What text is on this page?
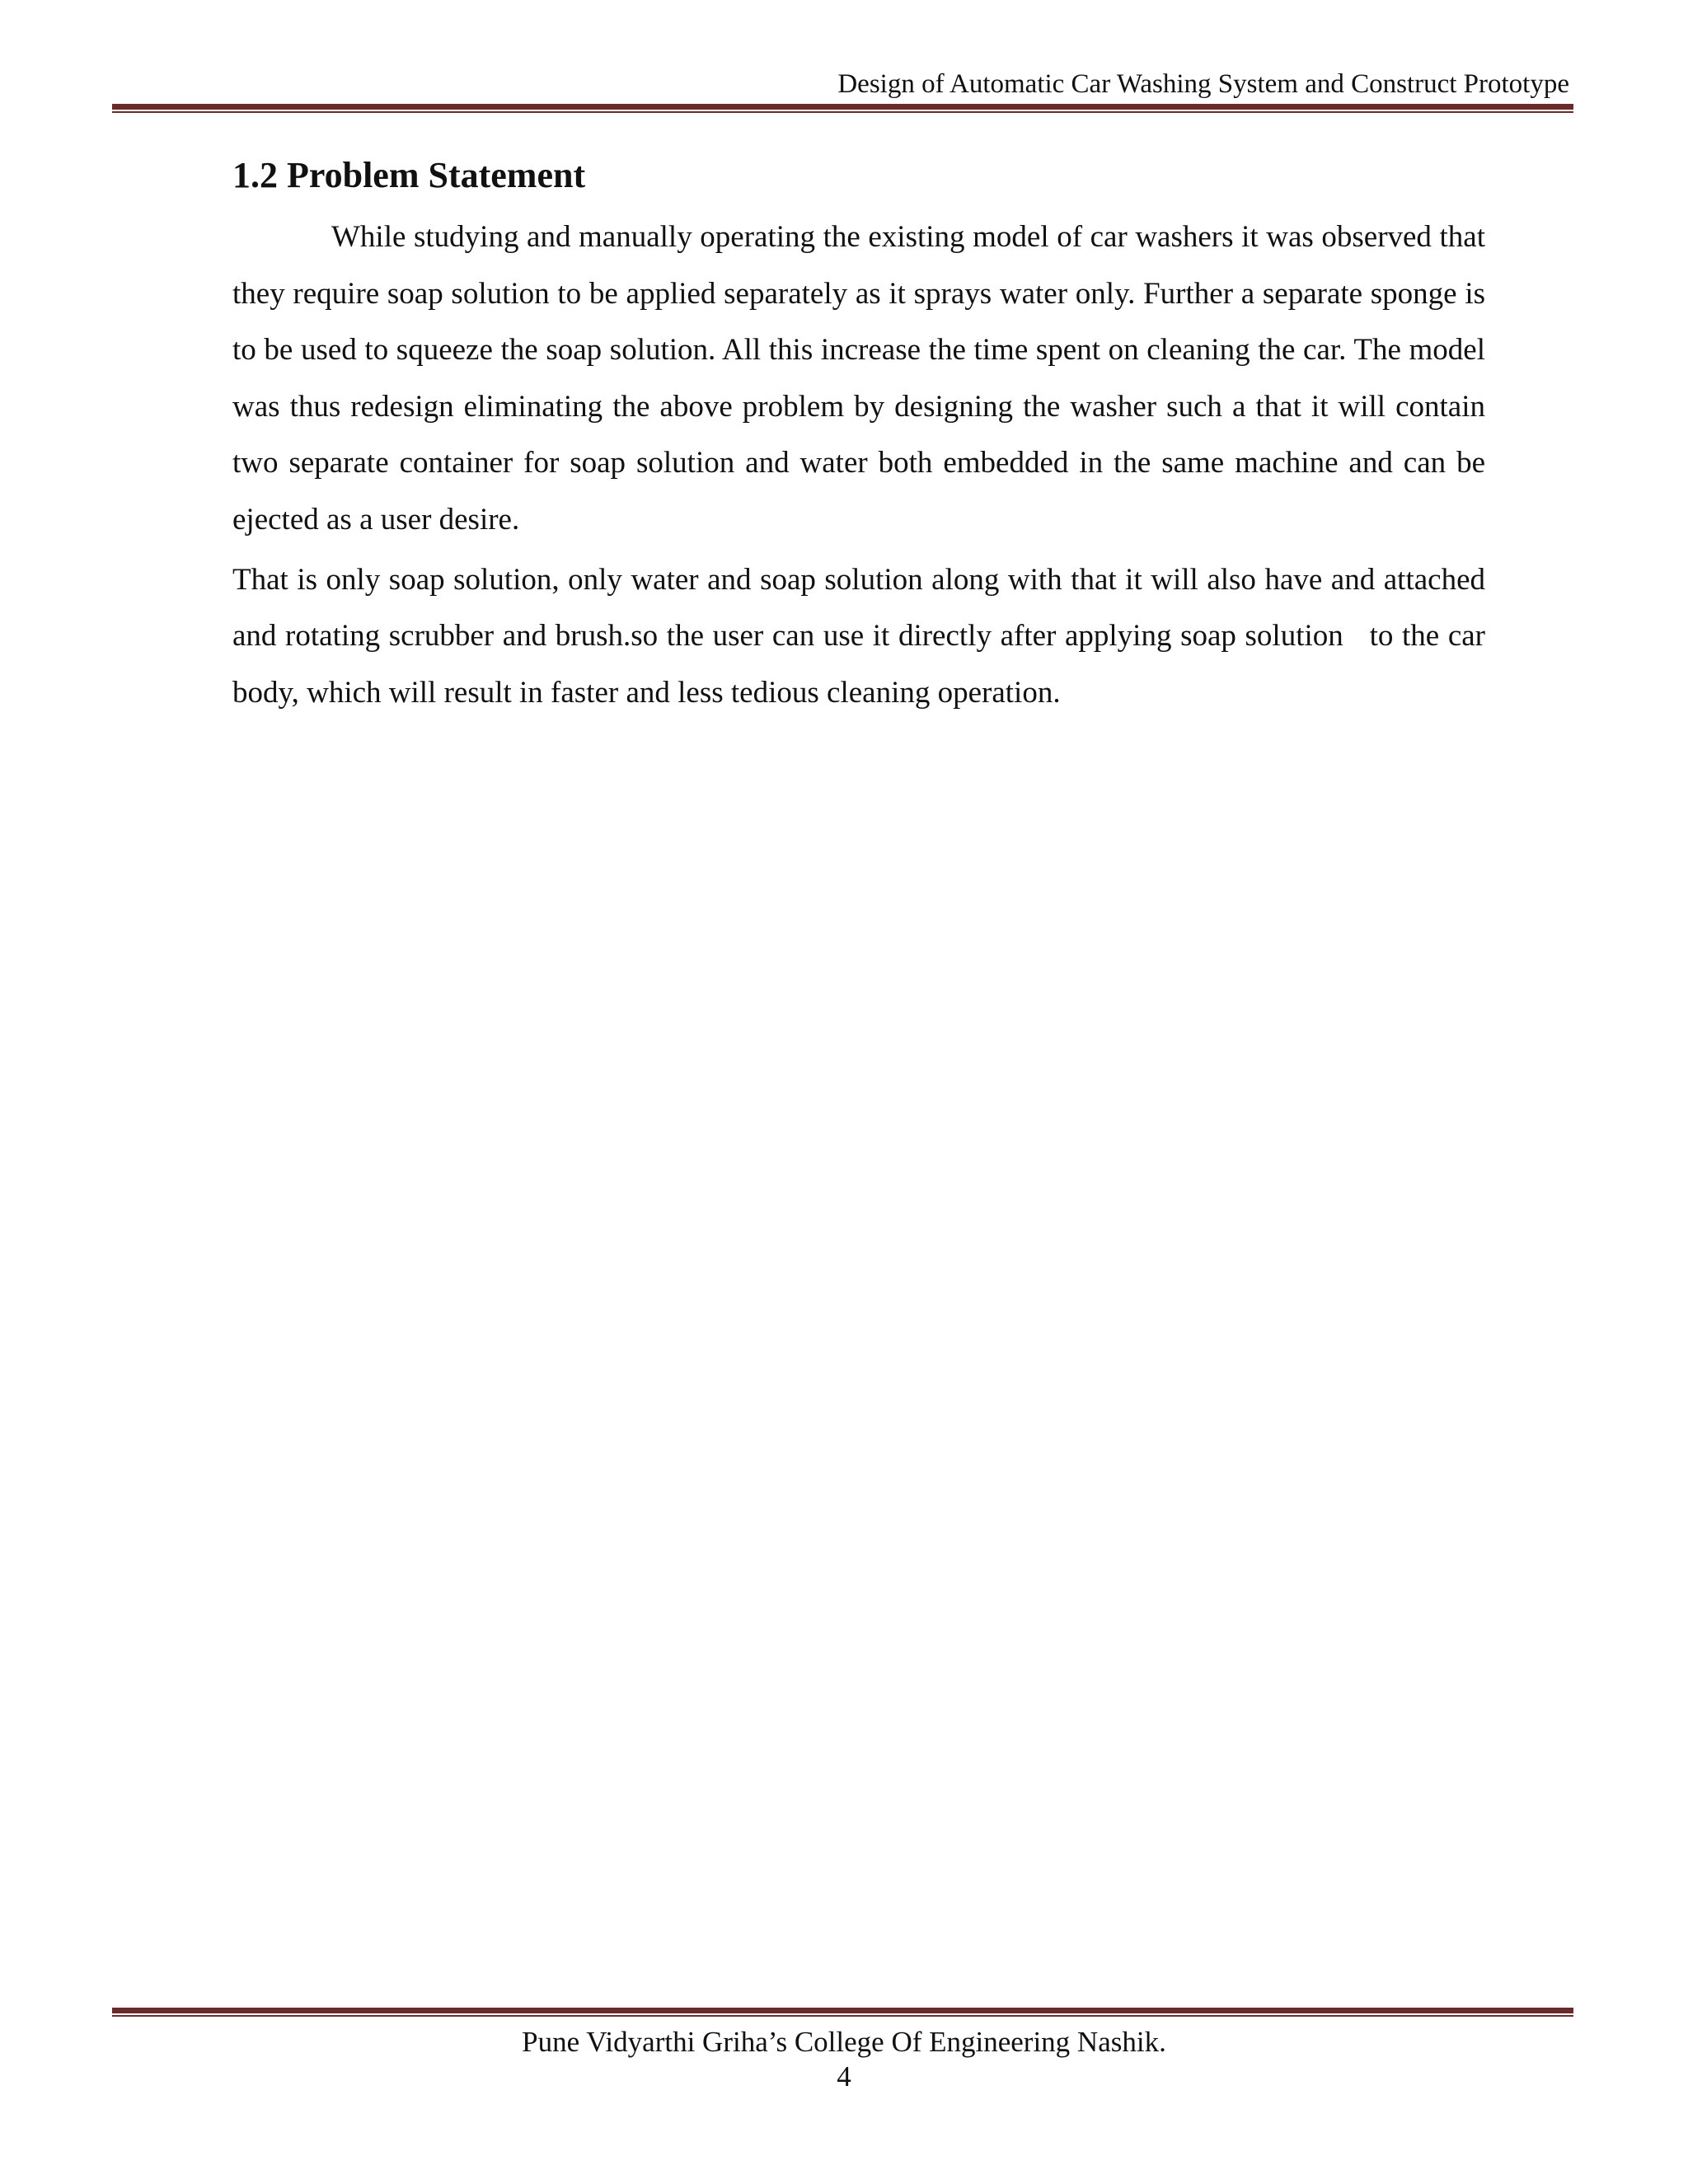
Design of Automatic Car Washing System and Construct Prototype
1.2 Problem Statement

While studying and manually operating the existing model of car washers it was observed that they require soap solution to be applied separately as it sprays water only. Further a separate sponge is to be used to squeeze the soap solution. All this increase the time spent on cleaning the car. The model was thus redesign eliminating the above problem by designing the washer such a that it will contain two separate container for soap solution and water both embedded in the same machine and can be ejected as a user desire.

That is only soap solution, only water and soap solution along with that it will also have and attached and rotating scrubber and brush.so the user can use it directly after applying soap solution   to the car body, which will result in faster and less tedious cleaning operation.

Pune Vidyarthi Griha’s College Of Engineering Nashik.
4
